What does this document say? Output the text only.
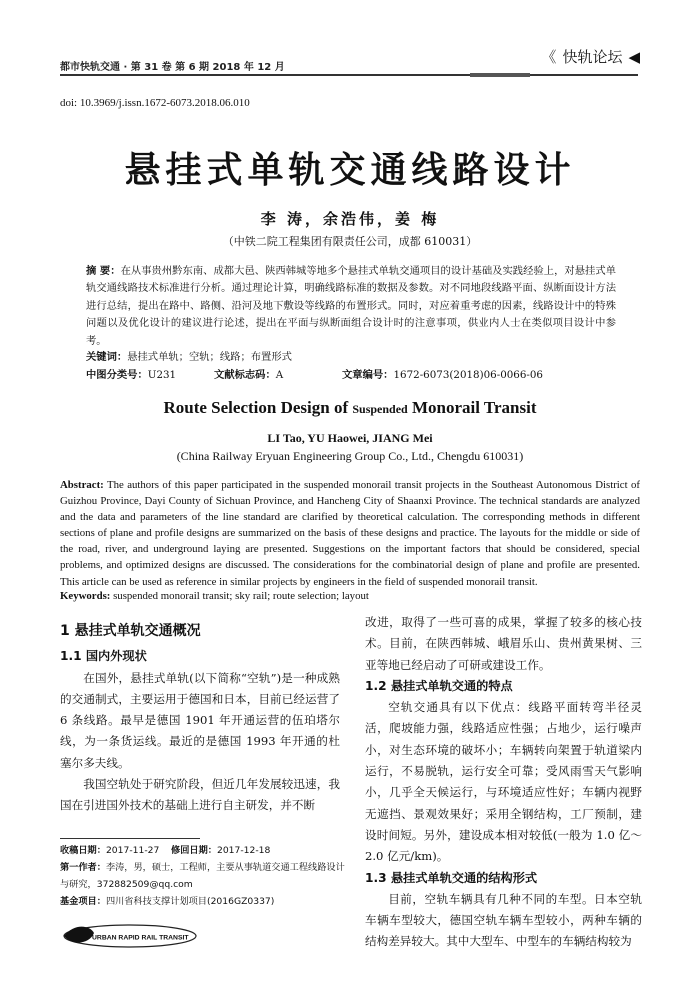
都市快轨交通 · 第 31 卷 第 6 期 2018 年 12 月
《 快轨论坛 ◀
doi: 10.3969/j.issn.1672-6073.2018.06.010
悬挂式单轨交通线路设计
李 涛，余浩伟，姜 梅
（中铁二院工程集团有限责任公司，成都 610031）
摘 要：在从事贵州黔东南、成都大邑、陕西韩城等地多个悬挂式单轨交通项目的设计基础及实践经验上，对悬挂式单轨交通线路技术标准进行分析。通过理论计算，明确线路标准的数据及参数。对不同地段线路平面、纵断面设计方法进行总结，提出在路中、路侧、沿河及地下敷设等线路的布置形式。同时，对应着重考虑的因素，线路设计中的特殊问题以及优化设计的建议进行论述，提出在平面与纵断面组合设计时的注意事项，供业内人士在类似项目设计中参考。
关键词：悬挂式单轨；空轨；线路；布置形式
中图分类号：U231	文献标志码：A	文章编号：1672-6073(2018)06-0066-06
Route Selection Design of Suspended Monorail Transit
LI Tao, YU Haowei, JIANG Mei
(China Railway Eryuan Engineering Group Co., Ltd., Chengdu 610031)
Abstract: The authors of this paper participated in the suspended monorail transit projects in the Southeast Autonomous District of Guizhou Province, Dayi County of Sichuan Province, and Hancheng City of Shaanxi Province. The technical standards are analyzed and the data and parameters of the line standard are clarified by theoretical calculation. The corresponding methods in different sections of plane and profile designs are summarized on the basis of these designs and practice. The layouts for the middle or side of the road, river, and underground laying are presented. Suggestions on the important factors that should be considered, special problems, and optimized designs are discussed. The considerations for the combinatorial design of plane and profile are presented. This article can be used as reference in similar projects by engineers in the field of suspended monorail transit.
Keywords: suspended monorail transit; sky rail; route selection; layout
1 悬挂式单轨交通概况
1.1 国内外现状

在国外，悬挂式单轨(以下简称“空轨”)是一种成熟的交通制式，主要运用于德国和日本，目前已经运营了 6 条线路。最早是德国 1901 年开通运营的伍珀塔尔线，为一条货运线。最近的是德国 1993 年开通的杜塞尔多夫线。

我国空轨处于研究阶段，但近几年发展较迅速，我国在引进国外技术的基础上进行自主研发，并不断

改进，取得了一些可喜的成果，掌握了较多的核心技术。目前，在陕西韩城、峨眉乐山、贵州黄果树、三亚等地已经启动了可研或建设工作。

1.2 悬挂式单轨交通的特点

空轨交通具有以下优点：线路平面转弯半径灵活，爬坡能力强，线路适应性强；占地少，运行噪声小，对生态环境的破坏小；车辆转向架置于轨道梁内运行，不易脱轨，运行安全可靠；受风雨雪天气影响小，几乎全天候运行，与环境适应性好；车辆内视野无遮挡、景观效果好；采用全钢结构，工厂预制，建设时间短。另外，建设成本相对较低(一般为 1.0 亿～2.0 亿元/km)。

1.3 悬挂式单轨交通的结构形式

目前，空轨车辆具有几种不同的车型。日本空轨车辆车型较大，德国空轨车辆车型较小，两种车辆的结构差异较大。其中大型车、中型车的车辆结构较为

收稿日期：2017-11-27 修回日期：2017-12-18
第一作者：李涛，男，硕士，工程师，主要从事轨道交通工程线路设计与研究，372882509@qq.com
基金项目：四川省科技支撑计划项目(2016GZ0337)
URBAN RAPID RAIL TRANSIT
